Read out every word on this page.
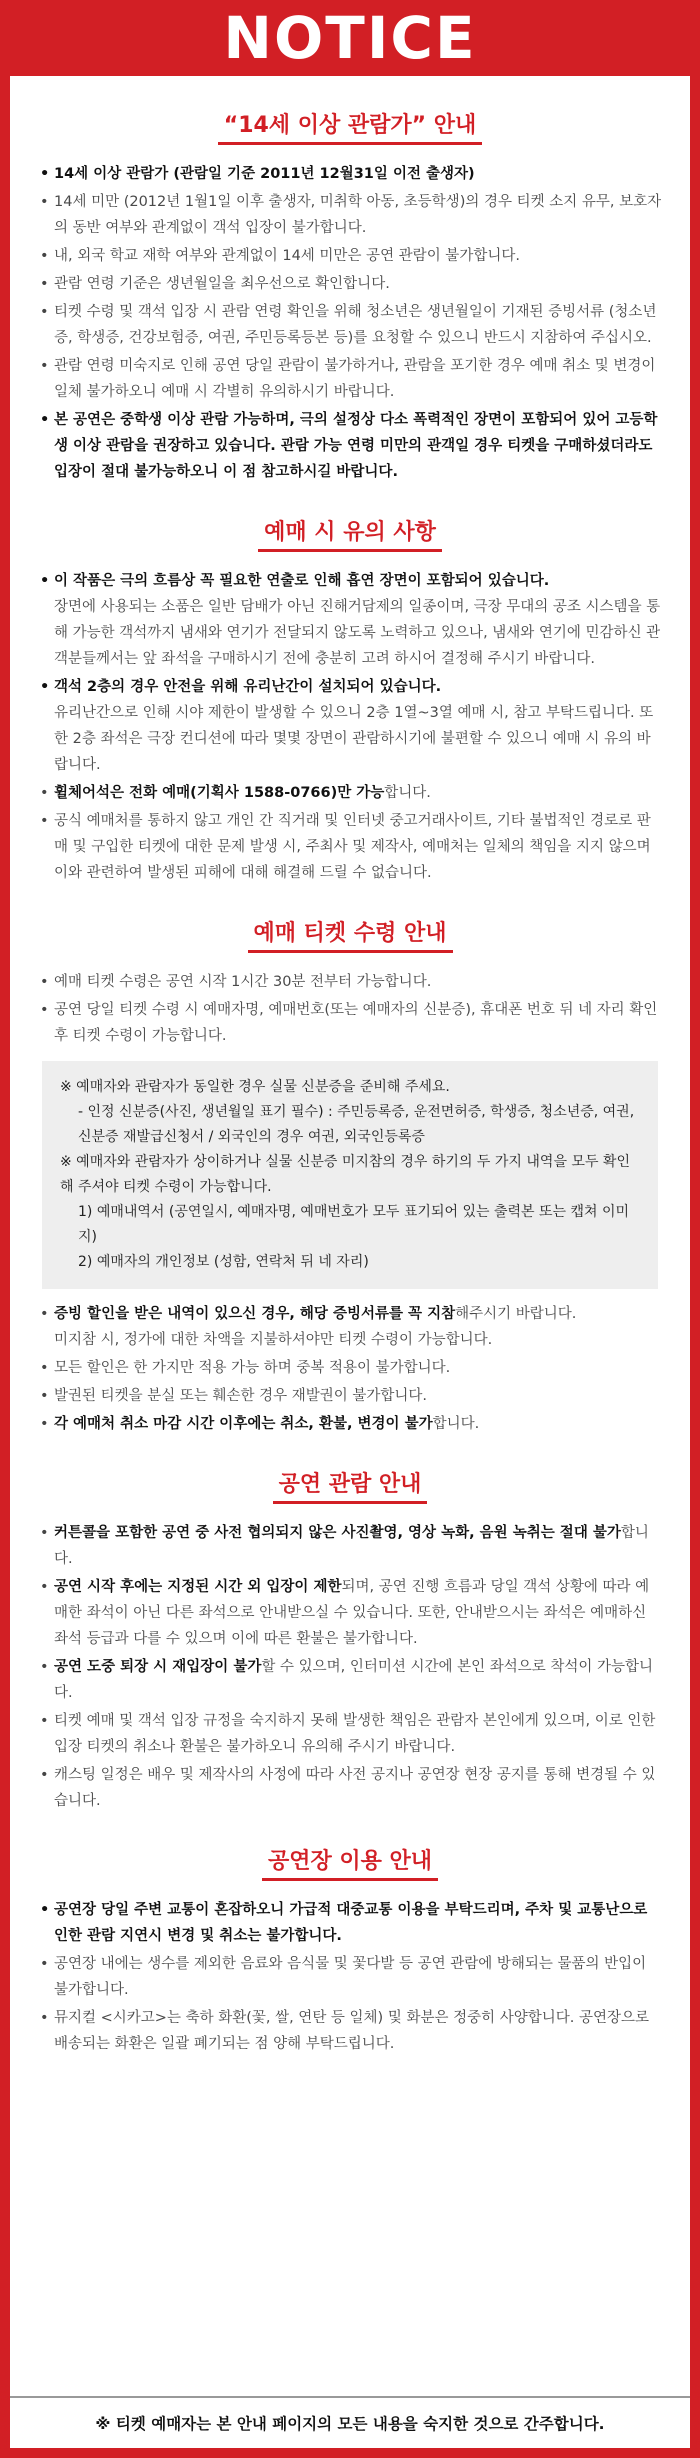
NOTICE
“14세 이상 관람가” 안내
• 14세 이상 관람가 (관람일 기준 2011년 12월31일 이전 출생자)
• 14세 미만 (2012년 1월1일 이후 출생자, 미취학 아동, 초등학생)의 경우 티켓 소지 유무, 보호자의 동반 여부와 관계없이 객석 입장이 불가합니다.
• 내, 외국 학교 재학 여부와 관계없이 14세 미만은 공연 관람이 불가합니다.
• 관람 연령 기준은 생년월일을 최우선으로 확인합니다.
• 티켓 수령 및 객석 입장 시 관람 연령 확인을 위해 청소년은 생년월일이 기재된 증빙서류 (청소년증, 학생증, 건강보험증, 여권, 주민등록등본 등)를 요청할 수 있으니 반드시 지참하여 주십시오.
• 관람 연령 미숙지로 인해 공연 당일 관람이 불가하거나, 관람을 포기한 경우 예매 취소 및 변경이 일체 불가하오니 예매 시 각별히 유의하시기 바랍니다.
• 본 공연은 중학생 이상 관람 가능하며, 극의 설정상 다소 폭력적인 장면이 포함되어 있어 고등학생 이상 관람을 권장하고 있습니다. 관람 가능 연령 미만의 관객일 경우 티켓을 구매하셨더라도 입장이 절대 불가능하오니 이 점 참고하시길 바랍니다.
예매 시 유의 사항
• 이 작품은 극의 흐름상 꼭 필요한 연출로 인해 흡연 장면이 포함되어 있습니다.
장면에 사용되는 소품은 일반 담배가 아닌 진해거담제의 일종이며, 극장 무대의 공조 시스템을 통해 가능한 객석까지 냄새와 연기가 전달되지 않도록 노력하고 있으나, 냄새와 연기에 민감하신 관객분들께서는 앞 좌석을 구매하시기 전에 충분히 고려 하시어 결정해 주시기 바랍니다.
• 객석 2층의 경우 안전을 위해 유리난간이 설치되어 있습니다.
유리난간으로 인해 시야 제한이 발생할 수 있으니 2층 1열~3열 예매 시, 참고 부탁드립니다. 또한 2층 좌석은 극장 컨디션에 따라 몇몇 장면이 관람하시기에 불편할 수 있으니 예매 시 유의 바랍니다.
• 휠체어석은 전화 예매(기획사 1588-0766)만 가능합니다.
• 공식 예매처를 통하지 않고 개인 간 직거래 및 인터넷 중고거래사이트, 기타 불법적인 경로로 판매 및 구입한 티켓에 대한 문제 발생 시, 주최사 및 제작사, 예매처는 일체의 책임을 지지 않으며 이와 관련하여 발생된 피해에 대해 해결해 드릴 수 없습니다.
예매 티켓 수령 안내
• 예매 티켓 수령은 공연 시작 1시간 30분 전부터 가능합니다.
• 공연 당일 티켓 수령 시 예매자명, 예매번호(또는 예매자의 신분증), 휴대폰 번호 뒤 네 자리 확인 후 티켓 수령이 가능합니다.

※ 예매자와 관람자가 동일한 경우 실물 신분증을 준비해 주세요.

- 인정 신분증(사진, 생년월일 표기 필수) : 주민등록증, 운전면허증, 학생증, 청소년증, 여권, 신분증 재발급신청서 / 외국인의 경우 여권, 외국인등록증

※ 예매자와 관람자가 상이하거나 실물 신분증 미지참의 경우 하기의 두 가지 내역을 모두 확인해 주셔야 티켓 수령이 가능합니다.

1) 예매내역서 (공연일시, 예매자명, 예매번호가 모두 표기되어 있는 출력본 또는 캡쳐 이미지)

2) 예매자의 개인정보 (성함, 연락처 뒤 네 자리)

• 증빙 할인을 받은 내역이 있으신 경우, 해당 증빙서류를 꼭 지참해주시기 바랍니다.
미지참 시, 정가에 대한 차액을 지불하셔야만 티켓 수령이 가능합니다.
• 모든 할인은 한 가지만 적용 가능 하며 중복 적용이 불가합니다.
• 발권된 티켓을 분실 또는 훼손한 경우 재발권이 불가합니다.
• 각 예매처 취소 마감 시간 이후에는 취소, 환불, 변경이 불가합니다.
공연 관람 안내
• 커튼콜을 포함한 공연 중 사전 협의되지 않은 사진촬영, 영상 녹화, 음원 녹취는 절대 불가합니다.
• 공연 시작 후에는 지정된 시간 외 입장이 제한되며, 공연 진행 흐름과 당일 객석 상황에 따라 예매한 좌석이 아닌 다른 좌석으로 안내받으실 수 있습니다. 또한, 안내받으시는 좌석은 예매하신 좌석 등급과 다를 수 있으며 이에 따른 환불은 불가합니다.
• 공연 도중 퇴장 시 재입장이 불가할 수 있으며, 인터미션 시간에 본인 좌석으로 착석이 가능합니다.
• 티켓 예매 및 객석 입장 규정을 숙지하지 못해 발생한 책임은 관람자 본인에게 있으며, 이로 인한 입장 티켓의 취소나 환불은 불가하오니 유의해 주시기 바랍니다.
• 캐스팅 일정은 배우 및 제작사의 사정에 따라 사전 공지나 공연장 현장 공지를 통해 변경될 수 있습니다.
공연장 이용 안내
• 공연장 당일 주변 교통이 혼잡하오니 가급적 대중교통 이용을 부탁드리며, 주차 및 교통난으로 인한 관람 지연시 변경 및 취소는 불가합니다.
• 공연장 내에는 생수를 제외한 음료와 음식물 및 꽃다발 등 공연 관람에 방해되는 물품의 반입이 불가합니다.
• 뮤지컬 <시카고>는 축하 화환(꽃, 쌀, 연탄 등 일체) 및 화분은 정중히 사양합니다. 공연장으로 배송되는 화환은 일괄 폐기되는 점 양해 부탁드립니다.
※ 티켓 예매자는 본 안내 페이지의 모든 내용을 숙지한 것으로 간주합니다.
